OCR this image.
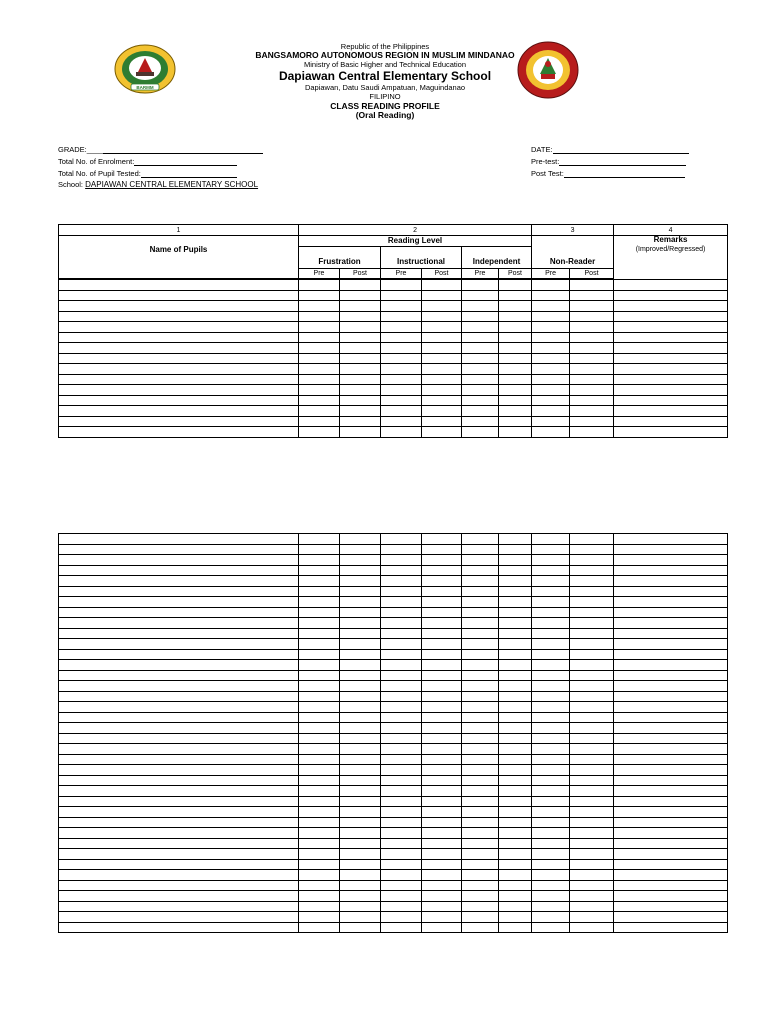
BARMM
Republic of the Philippines
BANGSAMORO AUTONOMOUS REGION IN MUSLIM MINDANAO
Ministry of Basic Higher and Technical Education
Dapiawan Central Elementary School
Dapiawan, Datu Saudi Ampatuan, Maguindanao
FILIPINO
CLASS READING PROFILE
(Oral Reading)
GRADE:____
Total No. of Enrolment:
Total No. of Pupil Tested:
School: DAPIAWAN CENTRAL ELEMENTARY SCHOOL
DATE:
Pre-test:
Post Test:
1	2						3		4
Name of Pupils	Reading Level						Non-Reader		Remarks
(Improved/Regressed)

	Frustration		Instructional		Independent				
	Pre	Post	Pre	Post	Pre	Post	Pre	Post	
